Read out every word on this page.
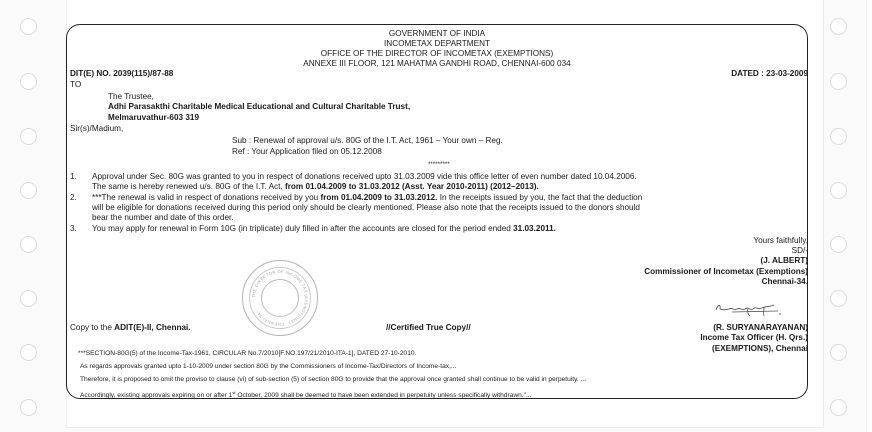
GOVERNMENT OF INDIA
INCOMETAX DEPARTMENT
OFFICE OF THE DIRECTOR OF INCOMETAX (EXEMPTIONS)
ANNEXE III FLOOR, 121 MAHATMA GANDHI ROAD, CHENNAI-600 034
DIT(E) NO. 2039(115)/87-88	DATED : 23-03-2009
TO
The Trustee,
Adhi Parasakthi Charitable Medical Educational and Cultural Charitable Trust,
Melmaruvathur-603 319
Sir(s)/Madium,
Sub : Renewal of approval u/s. 80G of the I.T. Act, 1961 – Your own – Reg.
Ref : Your Application filed on 05.12.2008
*********
1. Approval under Sec. 80G was granted to you in respect of donations received upto 31.03.2009 vide this office letter of even number dated 10.04.2006.
The same is hereby renewed u/s. 80G of the I.T. Act, from 01.04.2009 to 31.03.2012 (Asst. Year 2010-2011) (2012–2013).
2. ***The renewal is valid in respect of donations received by you from 01.04.2009 to 31.03.2012. In the receipts issued by you, the fact that the deduction
will be eligible for donations received during this period only should be clearly mentioned. Please also note that the receipts issued to the donors should
bear the number and date of this order.
3. You may apply for renewal in Form 10G (in triplicate) duly filled in after the accounts are closed for the period ended 31.03.2011.
Yours faithfully,
SD/-
(J. ALBERT)
Commissioner of Incometax (Exemptions)
Chennai-34.
THE DIRECTOR OF INCOME TAX (EXEMPTIONS) · CHENNAI-34 ·
Copy to the ADIT(E)-II, Chennai.	//Certified True Copy//	(R. SURYANARAYANAN)
Income Tax Officer (H. Qrs.)
(EXEMPTIONS), Chennai
***SECTION-80G(5) of the Income-Tax-1961, CIRCULAR No.7/2010[F.NO.197/21/2010-ITA-1], DATED 27-10-2010.
As regards approvals granted upto 1-10-2009 under section 80G by the Commissioners of Income-Tax/Directors of Income-tax,...
Therefore, it is proposed to omit the proviso to clause (vi) of sub-section (5) of section 80G to provide that the approval once granted shall continue to be valid in perpetuity. ...
Accordingly, existing approvals expiring on or after 1st October, 2009 shall be deemed to have been extended in perpetuity unless specifically withdrawn."...
